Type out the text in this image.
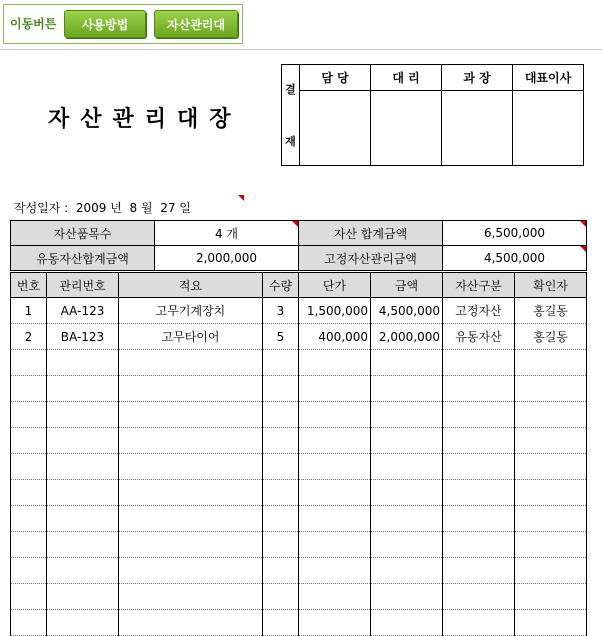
이동버튼	사용방법	자산관리대
자산관리대장
결
재	담 당	대 리	과 장	대표이사

작성일자 : 2009 년 8 월 27 일
자산품목수	4 개	자산 합계금액	6,500,000
유동자산합계금액	2,000,000	고정자산관리금액	4,500,000
번호	관리번호	적요	수량	단가	금액	자산구분	확인자
1	AA-123	고무기계장치	3	1,500,000	4,500,000	고정자산	홍길동
2	BA-123	고무타이어	5	400,000	2,000,000	유동자산	홍길동
